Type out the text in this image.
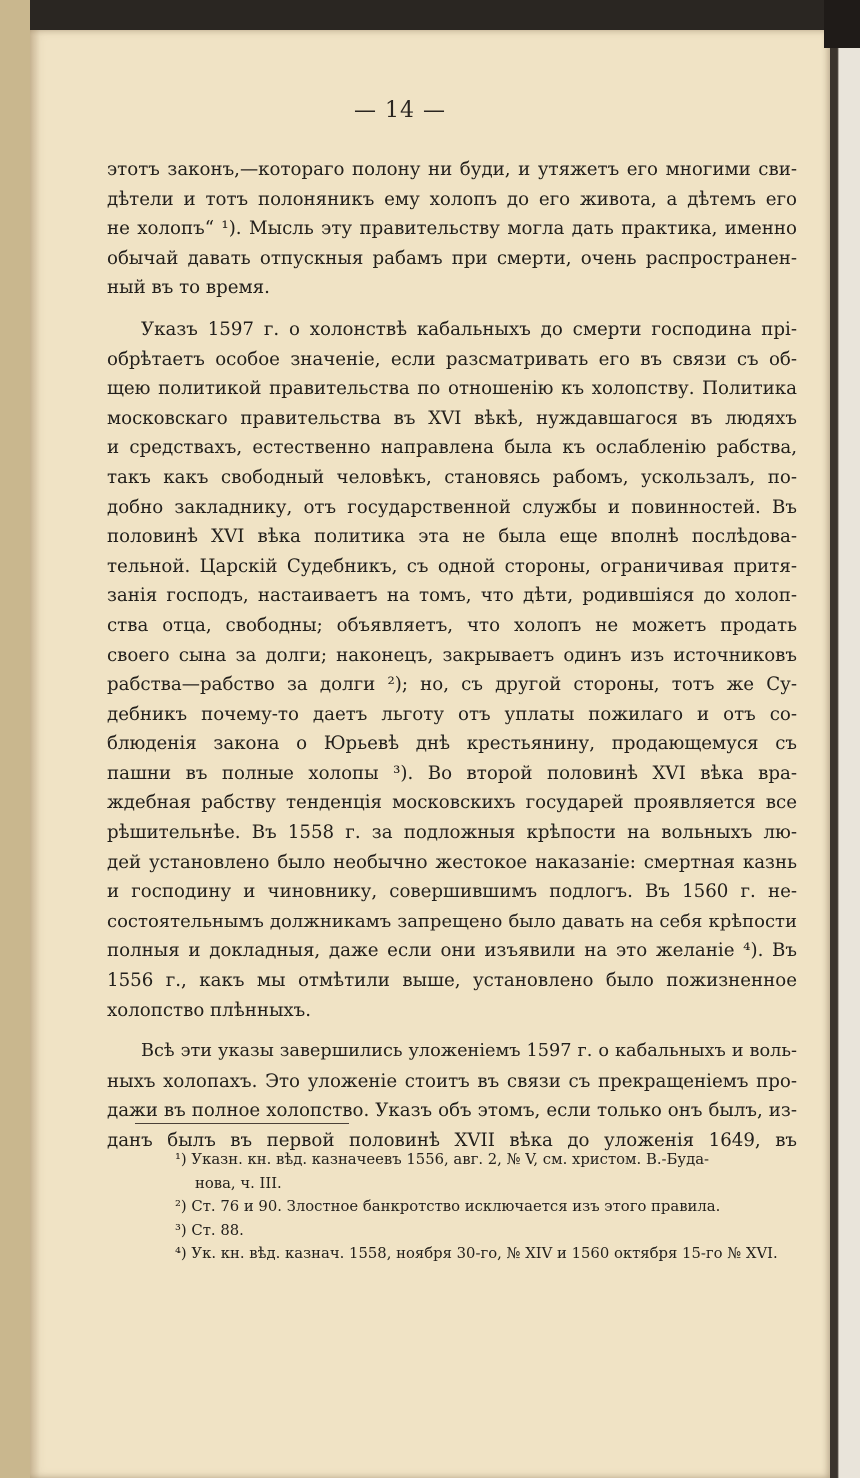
— 14 —
этотъ законъ,—котораго полону ни буди, и утяжетъ его многими сви-
дѣтели и тотъ полоняникъ ему холопъ до его живота, а дѣтемъ его
не холопъ“ ¹). Мысль эту правительству могла дать практика, именно
обычай давать отпускныя рабамъ при смерти, очень распространен-
ный въ то время.
Указъ 1597 г. о холонствѣ кабальныхъ до смерти господина прі-
обрѣтаетъ особое значеніе, если разсматривать его въ связи съ об-
щею политикой правительства по отношенію къ холопству. Политика
московскаго правительства въ XVI вѣкѣ, нуждавшагося въ людяхъ
и средствахъ, естественно направлена была къ ослабленію рабства,
такъ какъ свободный человѣкъ, становясь рабомъ, ускользалъ, по-
добно закладнику, отъ государственной службы и повинностей. Въ
половинѣ XVI вѣка политика эта не была еще вполнѣ послѣдова-
тельной. Царскій Судебникъ, съ одной стороны, ограничивая притя-
занія господъ, настаиваетъ на томъ, что дѣти, родившіяся до холоп-
ства отца, свободны; объявляетъ, что холопъ не можетъ продать
своего сына за долги; наконецъ, закрываетъ одинъ изъ источниковъ
рабства—рабство за долги ²); но, съ другой стороны, тотъ же Су-
дебникъ почему-то даетъ льготу отъ уплаты пожилаго и отъ со-
блюденія закона о Юрьевѣ днѣ крестьянину, продающемуся съ
пашни въ полные холопы ³). Во второй половинѣ XVI вѣка вра-
ждебная рабству тенденція московскихъ государей проявляется все
рѣшительнѣе. Въ 1558 г. за подложныя крѣпости на вольныхъ лю-
дей установлено было необычно жестокое наказаніе: смертная казнь
и господину и чиновнику, совершившимъ подлогъ. Въ 1560 г. не-
состоятельнымъ должникамъ запрещено было давать на себя крѣпости
полныя и докладныя, даже если они изъявили на это желаніе ⁴). Въ
1556 г., какъ мы отмѣтили выше, установлено было пожизненное
холопство плѣнныхъ.
Всѣ эти указы завершились уложеніемъ 1597 г. о кабальныхъ и воль-
ныхъ холопахъ. Это уложеніе стоитъ въ связи съ прекращеніемъ про-
дажи въ полное холопство. Указъ объ этомъ, если только онъ былъ, из-
данъ былъ въ первой половинѣ XVII вѣка до уложенія 1649, въ
¹) Указн. кн. вѣд. казначеевъ 1556, авг. 2, № V, см. христом. В.-Буда-
нова, ч. III.
²) Ст. 76 и 90. Злостное банкротство исключается изъ этого правила.
³) Ст. 88.
⁴) Ук. кн. вѣд. казнач. 1558, ноября 30-го, № XIV и 1560 октября 15-го № XVI.
